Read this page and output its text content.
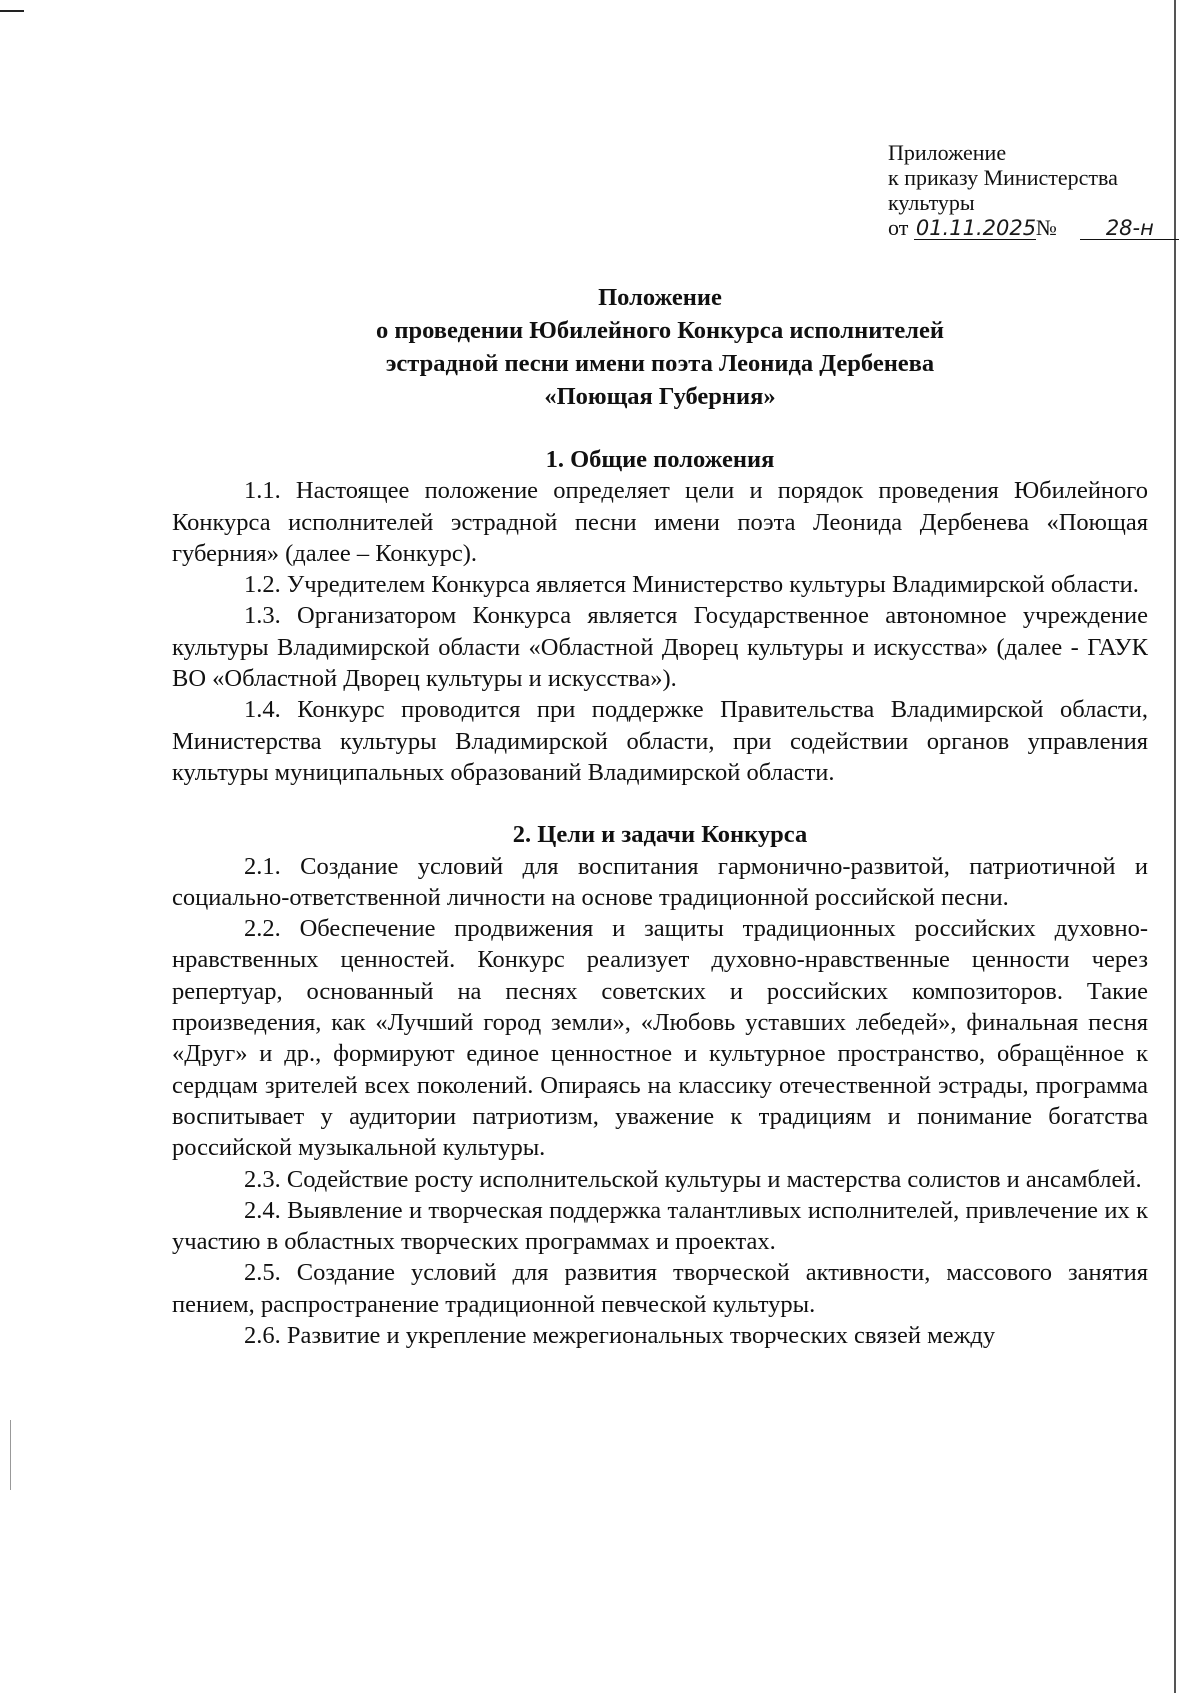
Приложение
к приказу Министерства
культуры
от 01.11.2025№ 28-н
Положение
о проведении Юбилейного Конкурса исполнителей
эстрадной песни имени поэта Леонида Дербенева
«Поющая Губерния»
1. Общие положения

1.1. Настоящее положение определяет цели и порядок проведения Юбилейного Конкурса исполнителей эстрадной песни имени поэта Леонида Дербенева «Поющая губерния» (далее – Конкурс).

1.2. Учредителем Конкурса является Министерство культуры Владимирской области.

1.3. Организатором Конкурса является Государственное автономное учреждение культуры Владимирской области «Областной Дворец культуры и искусства» (далее - ГАУК ВО «Областной Дворец культуры и искусства»).

1.4. Конкурс проводится при поддержке Правительства Владимирской области, Министерства культуры Владимирской области, при содействии органов управления культуры муниципальных образований Владимирской области.

2. Цели и задачи Конкурса

2.1. Создание условий для воспитания гармонично-развитой, патриотичной и социально-ответственной личности на основе традиционной российской песни.

2.2. Обеспечение продвижения и защиты традиционных российских духовно-нравственных ценностей. Конкурс реализует духовно-нравственные ценности через репертуар, основанный на песнях советских и российских композиторов. Такие произведения, как «Лучший город земли», «Любовь уставших лебедей», финальная песня «Друг» и др., формируют единое ценностное и культурное пространство, обращённое к сердцам зрителей всех поколений. Опираясь на классику отечественной эстрады, программа воспитывает у аудитории патриотизм, уважение к традициям и понимание богатства российской музыкальной культуры.

2.3. Содействие росту исполнительской культуры и мастерства солистов и ансамблей.

2.4. Выявление и творческая поддержка талантливых исполнителей, привлечение их к участию в областных творческих программах и проектах.

2.5. Создание условий для развития творческой активности, массового занятия пением, распространение традиционной певческой культуры.

2.6. Развитие и укрепление межрегиональных творческих связей между
